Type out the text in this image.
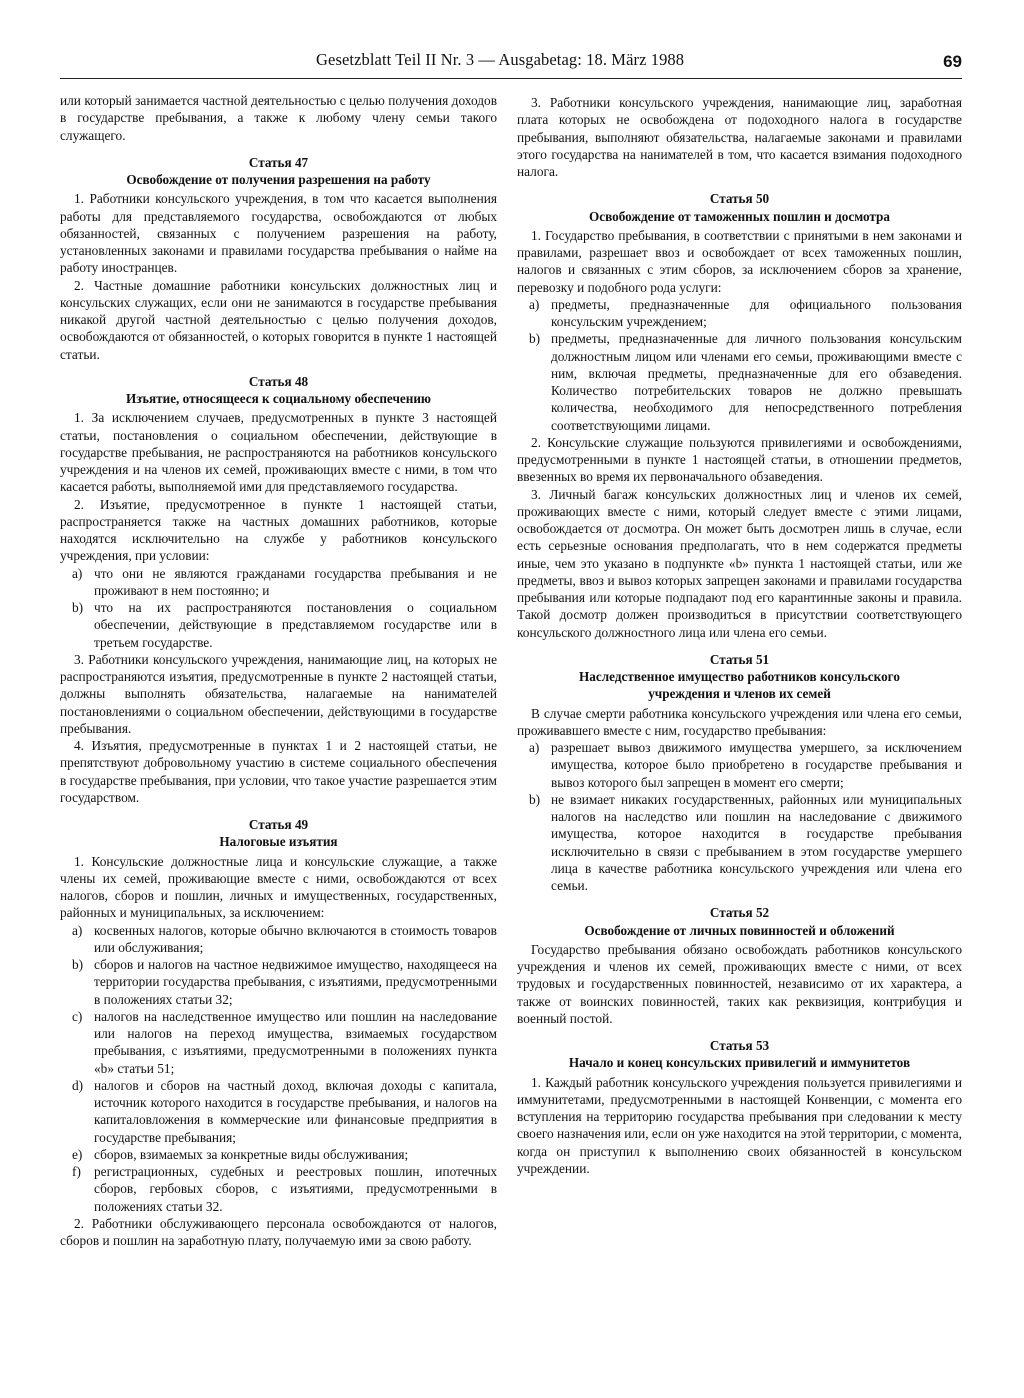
Gesetzblatt Teil II Nr. 3 — Ausgabetag: 18. März 1988	69

или который занимается частной деятельностью с целью получения доходов в государстве пребывания, а также к любому члену семьи такого служащего.

Статья 47
Освобождение от получения разрешения на работу

1. Работники консульского учреждения, в том что касается выполнения работы для представляемого государства, освобождаются от любых обязанностей, связанных с получением разрешения на работу, установленных законами и правилами государства пребывания о найме на работу иностранцев.

2. Частные домашние работники консульских должностных лиц и консульских служащих, если они не занимаются в государстве пребывания никакой другой частной деятельностью с целью получения доходов, освобождаются от обязанностей, о которых говорится в пункте 1 настоящей статьи.

Статья 48
Изъятие, относящееся к социальному обеспечению

1. За исключением случаев, предусмотренных в пункте 3 настоящей статьи, постановления о социальном обеспечении, действующие в государстве пребывания, не распространяются на работников консульского учреждения и на членов их семей, проживающих вместе с ними, в том что касается работы, выполняемой ими для представляемого государства.

2. Изъятие, предусмотренное в пункте 1 настоящей статьи, распространяется также на частных домашних работников, которые находятся исключительно на службе у работников консульского учреждения, при условии:

a) что они не являются гражданами государства пребывания и не проживают в нем постоянно; и
b) что на их распространяются постановления о социальном обеспечении, действующие в представляемом государстве или в третьем государстве.

3. Работники консульского учреждения, нанимающие лиц, на которых не распространяются изъятия, предусмотренные в пункте 2 настоящей статьи, должны выполнять обязательства, налагаемые на нанимателей постановлениями о социальном обеспечении, действующими в государстве пребывания.

4. Изъятия, предусмотренные в пунктах 1 и 2 настоящей статьи, не препятствуют добровольному участию в системе социального обеспечения в государстве пребывания, при условии, что такое участие разрешается этим государством.

Статья 49
Налоговые изъятия

1. Консульские должностные лица и консульские служащие, а также члены их семей, проживающие вместе с ними, освобождаются от всех налогов, сборов и пошлин, личных и имущественных, государственных, районных и муниципальных, за исключением:

a) косвенных налогов, которые обычно включаются в стоимость товаров или обслуживания;
b) сборов и налогов на частное недвижимое имущество, находящееся на территории государства пребывания, с изъятиями, предусмотренными в положениях статьи 32;
c) налогов на наследственное имущество или пошлин на наследование или налогов на переход имущества, взимаемых государством пребывания, с изъятиями, предусмотренными в положениях пункта «b» статьи 51;
d) налогов и сборов на частный доход, включая доходы с капитала, источник которого находится в государстве пребывания, и налогов на капиталовложения в коммерческие или финансовые предприятия в государстве пребывания;
e) сборов, взимаемых за конкретные виды обслуживания;
f) регистрационных, судебных и реестровых пошлин, ипотечных сборов, гербовых сборов, с изъятиями, предусмотренными в положениях статьи 32.

2. Работники обслуживающего персонала освобождаются от налогов, сборов и пошлин на заработную плату, получаемую ими за свою работу.

3. Работники консульского учреждения, нанимающие лиц, заработная плата которых не освобождена от подоходного налога в государстве пребывания, выполняют обязательства, налагаемые законами и правилами этого государства на нанимателей в том, что касается взимания подоходного налога.

Статья 50
Освобождение от таможенных пошлин и досмотра

1. Государство пребывания, в соответствии с принятыми в нем законами и правилами, разрешает ввоз и освобождает от всех таможенных пошлин, налогов и связанных с этим сборов, за исключением сборов за хранение, перевозку и подобного рода услуги:

a) предметы, предназначенные для официального пользования консульским учреждением;
b) предметы, предназначенные для личного пользования консульским должностным лицом или членами его семьи, проживающими вместе с ним, включая предметы, предназначенные для его обзаведения. Количество потребительских товаров не должно превышать количества, необходимого для непосредственного потребления соответствующими лицами.

2. Консульские служащие пользуются привилегиями и освобождениями, предусмотренными в пункте 1 настоящей статьи, в отношении предметов, ввезенных во время их первоначального обзаведения.

3. Личный багаж консульских должностных лиц и членов их семей, проживающих вместе с ними, который следует вместе с этими лицами, освобождается от досмотра. Он может быть досмотрен лишь в случае, если есть серьезные основания предполагать, что в нем содержатся предметы иные, чем это указано в подпункте «b» пункта 1 настоящей статьи, или же предметы, ввоз и вывоз которых запрещен законами и правилами государства пребывания или которые подпадают под его карантинные законы и правила. Такой досмотр должен производиться в присутствии соответствующего консульского должностного лица или члена его семьи.

Статья 51
Наследственное имущество работников консульского
учреждения и членов их семей

В случае смерти работника консульского учреждения или члена его семьи, проживавшего вместе с ним, государство пребывания:

a) разрешает вывоз движимого имущества умершего, за исключением имущества, которое было приобретено в государстве пребывания и вывоз которого был запрещен в момент его смерти;
b) не взимает никаких государственных, районных или муниципальных налогов на наследство или пошлин на наследование с движимого имущества, которое находится в государстве пребывания исключительно в связи с пребыванием в этом государстве умершего лица в качестве работника консульского учреждения или члена его семьи.
Статья 52
Освобождение от личных повинностей и обложений

Государство пребывания обязано освобождать работников консульского учреждения и членов их семей, проживающих вместе с ними, от всех трудовых и государственных повинностей, независимо от их характера, а также от воинских повинностей, таких как реквизиция, контрибуция и военный постой.

Статья 53
Начало и конец консульских привилегий и иммунитетов

1. Каждый работник консульского учреждения пользуется привилегиями и иммунитетами, предусмотренными в настоящей Конвенции, с момента его вступления на территорию государства пребывания при следовании к месту своего назначения или, если он уже находится на этой территории, с момента, когда он приступил к выполнению своих обязанностей в консульском учреждении.
